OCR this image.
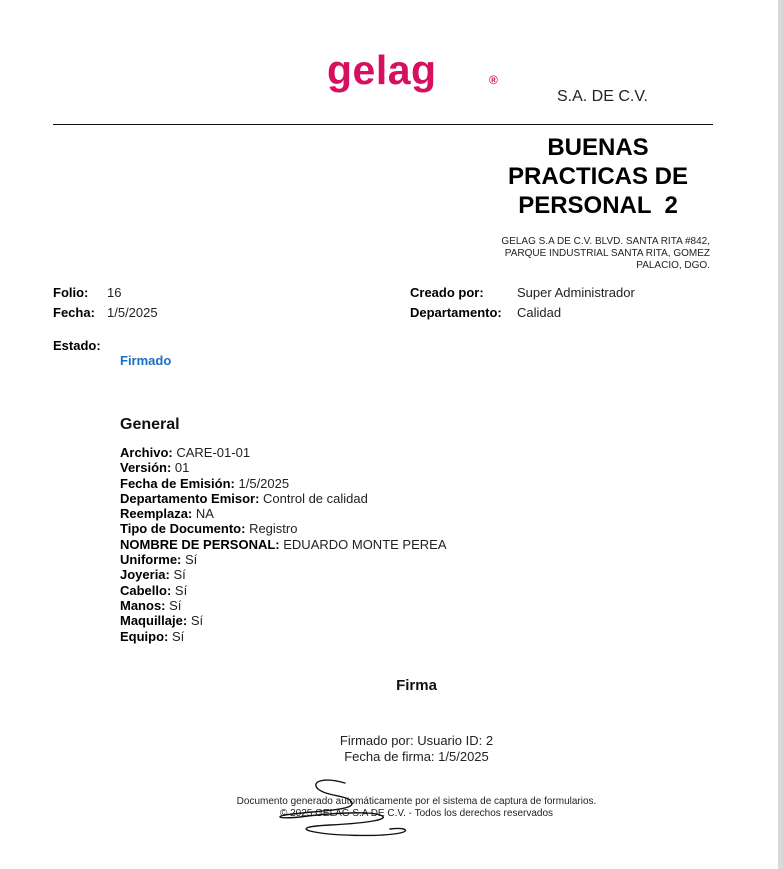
gelag	®
S.A. DE C.V.
BUENAS
PRACTICAS DE
PERSONAL  2
GELAG S.A DE C.V. BLVD. SANTA RITA #842,
PARQUE INDUSTRIAL SANTA RITA, GOMEZ
PALACIO, DGO.
Folio: 16
Fecha: 1/5/2025
Creado por:	Super Administrador
Departamento: Calidad
Estado:
Firmado
General
Archivo: CARE-01-01
Versión: 01
Fecha de Emisión: 1/5/2025
Departamento Emisor: Control de calidad
Reemplaza: NA
Tipo de Documento: Registro
NOMBRE DE PERSONAL: EDUARDO MONTE PEREA
Uniforme: Sí
Joyeria: Sí
Cabello: Sí
Manos: Sí
Maquillaje: Sí
Equipo: Sí
Firma
Firmado por: Usuario ID: 2
Fecha de firma: 1/5/2025
Documento generado automáticamente por el sistema de captura de formularios.
© 2025 GELAG S.A DE C.V. - Todos los derechos reservados
